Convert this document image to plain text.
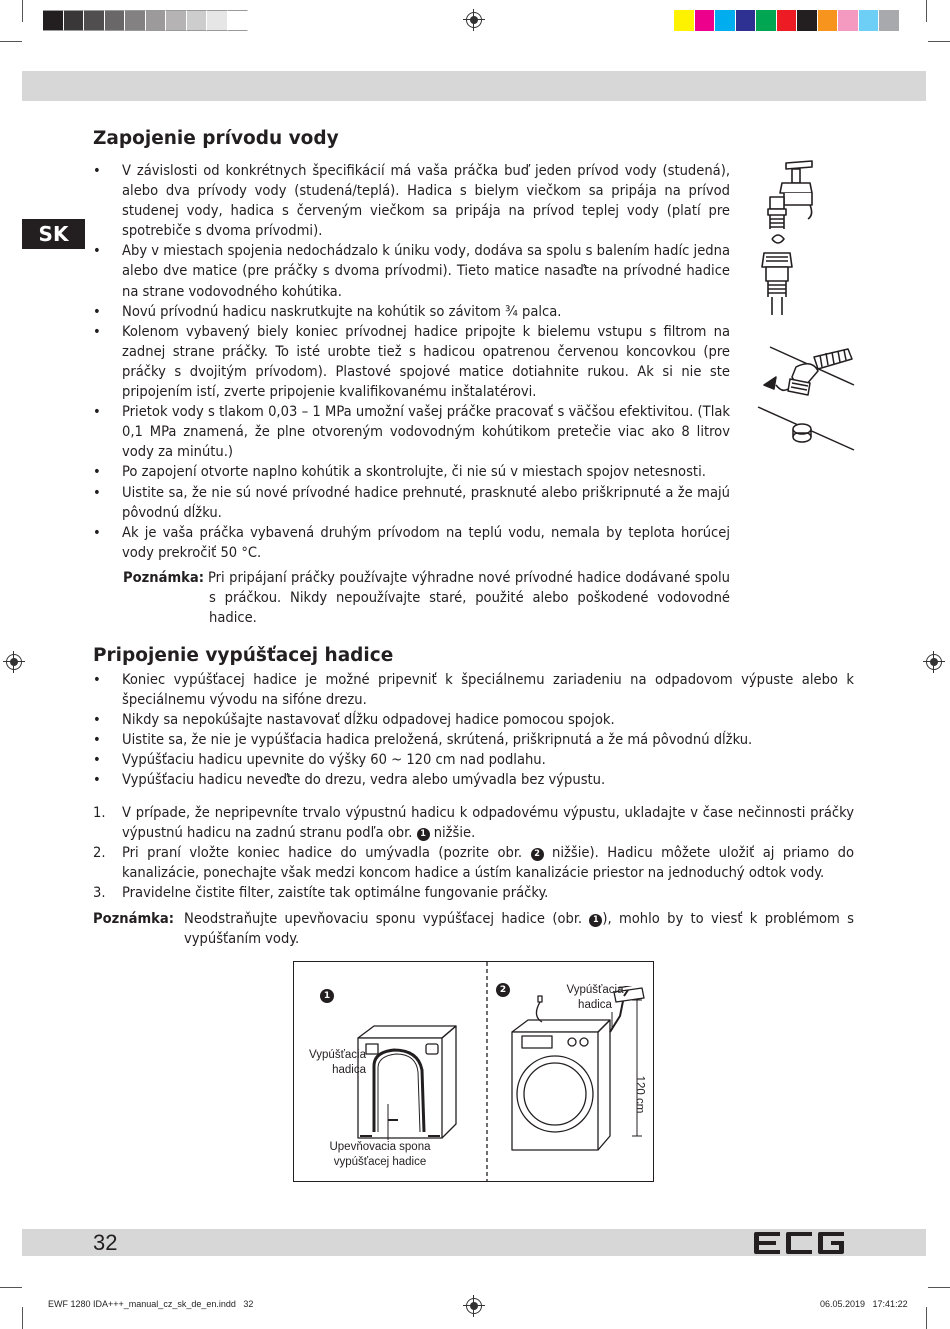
SK
Zapojenie prívodu vody
• V závislosti od konkrétnych špecifikácií má vaša práčka buď jeden prívod vody (studená), alebo dva prívody vody (studená/teplá). Hadica s bielym viečkom sa pripája na prívod studenej vody, hadica s červeným viečkom sa pripája na prívod teplej vody (platí pre spotrebiče s dvoma prívodmi).
• Aby v miestach spojenia nedochádzalo k úniku vody, dodáva sa spolu s balením hadíc jedna alebo dve matice (pre práčky s dvoma prívodmi). Tieto matice nasaďte na prívodné hadice na strane vodovodného kohútika.
• Novú prívodnú hadicu naskrutkujte na kohútik so závitom ¾ palca.
• Kolenom vybavený biely koniec prívodnej hadice pripojte k bielemu vstupu s filtrom na zadnej strane práčky. To isté urobte tiež s hadicou opatrenou červenou koncovkou (pre práčky s dvojitým prívodom). Plastové spojové matice dotiahnite rukou. Ak si nie ste pripojením istí, zverte pripojenie kvalifikovanému inštalatérovi.
• Prietok vody s tlakom 0,03 – 1 MPa umožní vašej práčke pracovať s väčšou efektivitou. (Tlak 0,1 MPa znamená, že plne otvoreným vodovodným kohútikom pretečie viac ako 8 litrov vody za minútu.)
• Po zapojení otvorte naplno kohútik a skontrolujte, či nie sú v miestach spojov netesnosti.
• Uistite sa, že nie sú nové prívodné hadice prehnuté, prasknuté alebo priškripnuté a že majú pôvodnú dĺžku.
• Ak je vaša práčka vybavená druhým prívodom na teplú vodu, nemala by teplota horúcej vody prekročiť 50 °C.
Poznámka: Pri pripájaní práčky používajte výhradne nové prívodné hadice dodávané spolu s práčkou. Nikdy nepoužívajte staré, použité alebo poškodené vodovodné hadice.
Pripojenie vypúšťacej hadice
• Koniec vypúšťacej hadice je možné pripevniť k špeciálnemu zariadeniu na odpadovom výpuste alebo k špeciálnemu vývodu na sifóne drezu.
• Nikdy sa nepokúšajte nastavovať dĺžku odpadovej hadice pomocou spojok.
• Uistite sa, že nie je vypúšťacia hadica preložená, skrútená, priškripnutá a že má pôvodnú dĺžku.
• Vypúšťaciu hadicu upevnite do výšky 60 ~ 120 cm nad podlahu.
• Vypúšťaciu hadicu neveďte do drezu, vedra alebo umývadla bez výpustu.
1. V prípade, že nepripevníte trvalo výpustnú hadicu k odpadovému výpustu, ukladajte v čase nečinnosti práčky výpustnú hadicu na zadnú stranu podľa obr. 1 nižšie.
2. Pri praní vložte koniec hadice do umývadla (pozrite obr. 2 nižšie). Hadicu môžete uložiť aj priamo do kanalizácie, ponechajte však medzi koncom hadice a ústím kanalizácie priestor na jednoduchý odtok vody.
3. Pravidelne čistite filter, zaistíte tak optimálne fungovanie práčky.
Poznámka: Neodstraňujte upevňovaciu sponu vypúšťacej hadice (obr. 1 ), mohlo by to viesť k problémom s vypúšťaním vody.
1
2
Vypúšťacia
hadica
Upevňovacia spona
vypúšťacej hadice
Vypúšťacia
hadica
120 cm
32
EWF 1280 IDA+++_manual_cz_sk_de_en.indd   32	06.05.2019   17:41:22
